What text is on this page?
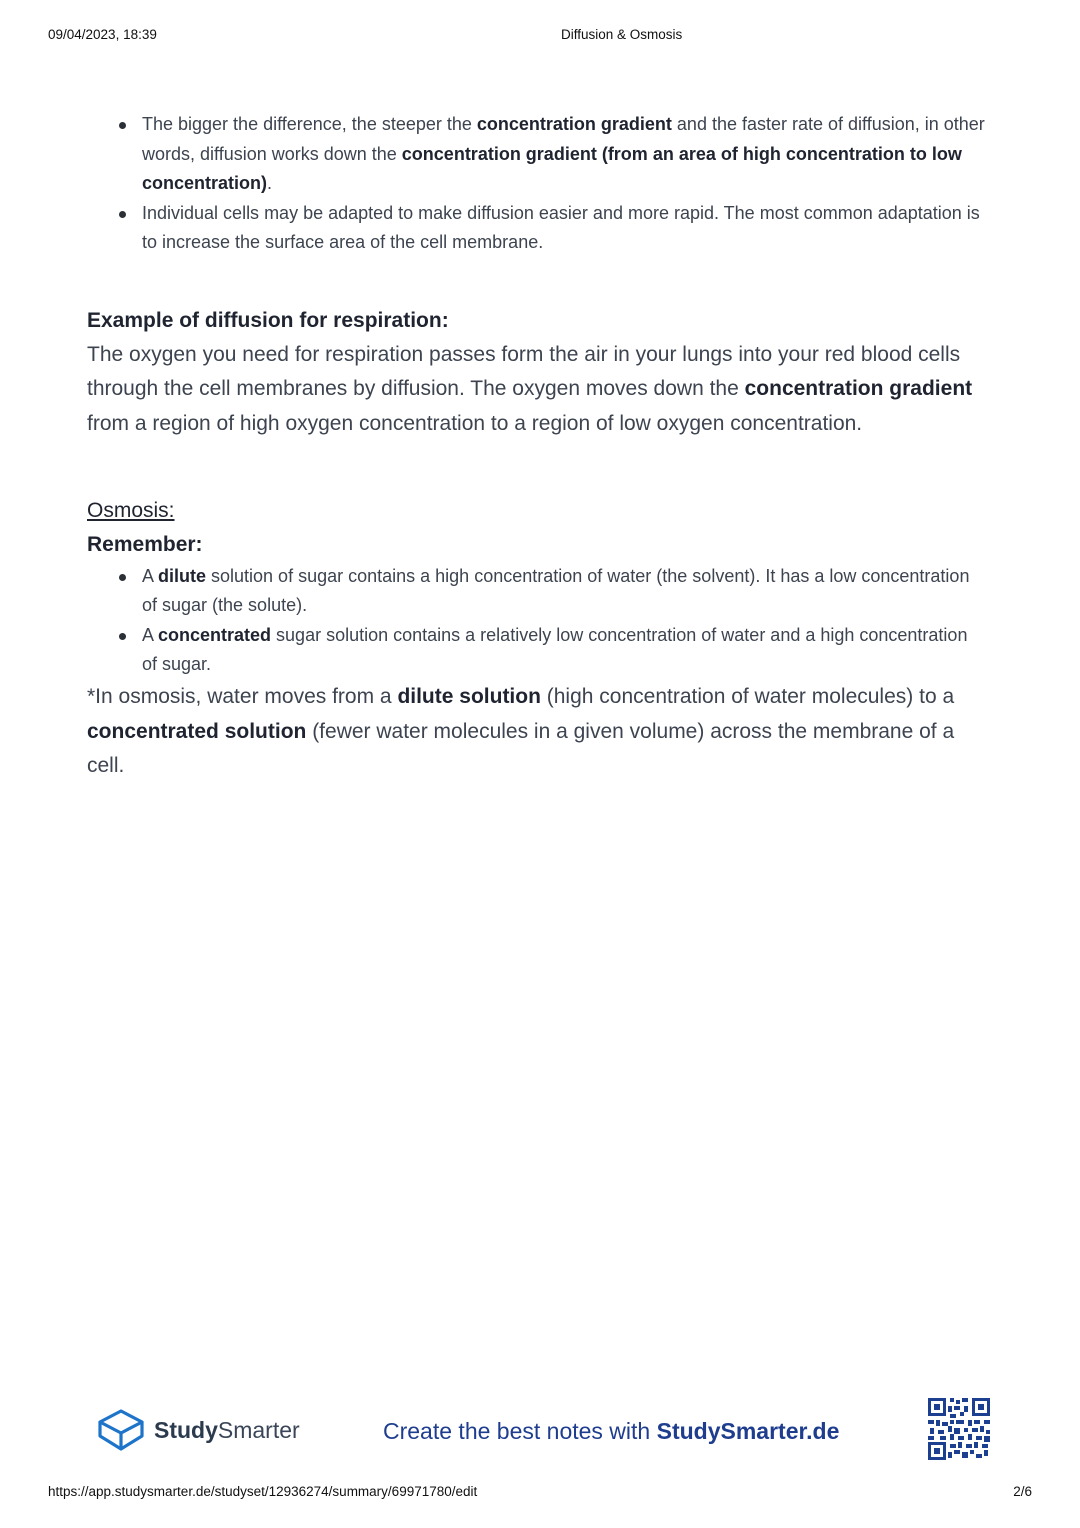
09/04/2023, 18:39	Diffusion & Osmosis
The bigger the difference, the steeper the concentration gradient and the faster rate of diffusion, in other words, diffusion works down the concentration gradient (from an area of high concentration to low concentration).
Individual cells may be adapted to make diffusion easier and more rapid. The most common adaptation is to increase the surface area of the cell membrane.

Example of diffusion for respiration:

The oxygen you need for respiration passes form the air in your lungs into your red blood cells through the cell membranes by diffusion. The oxygen moves down the concentration gradient from a region of high oxygen concentration to a region of low oxygen concentration.

Osmosis:

Remember:

A dilute solution of sugar contains a high concentration of water (the solvent). It has a low concentration of sugar (the solute).
A concentrated sugar solution contains a relatively low concentration of water and a high concentration of sugar.

*In osmosis, water moves from a dilute solution (high concentration of water molecules) to a concentrated solution (fewer water molecules in a given volume) across the membrane of a cell.

StudySmarter	Create the best notes with StudySmarter.de
https://app.studysmarter.de/studyset/12936274/summary/69971780/edit	2/6
